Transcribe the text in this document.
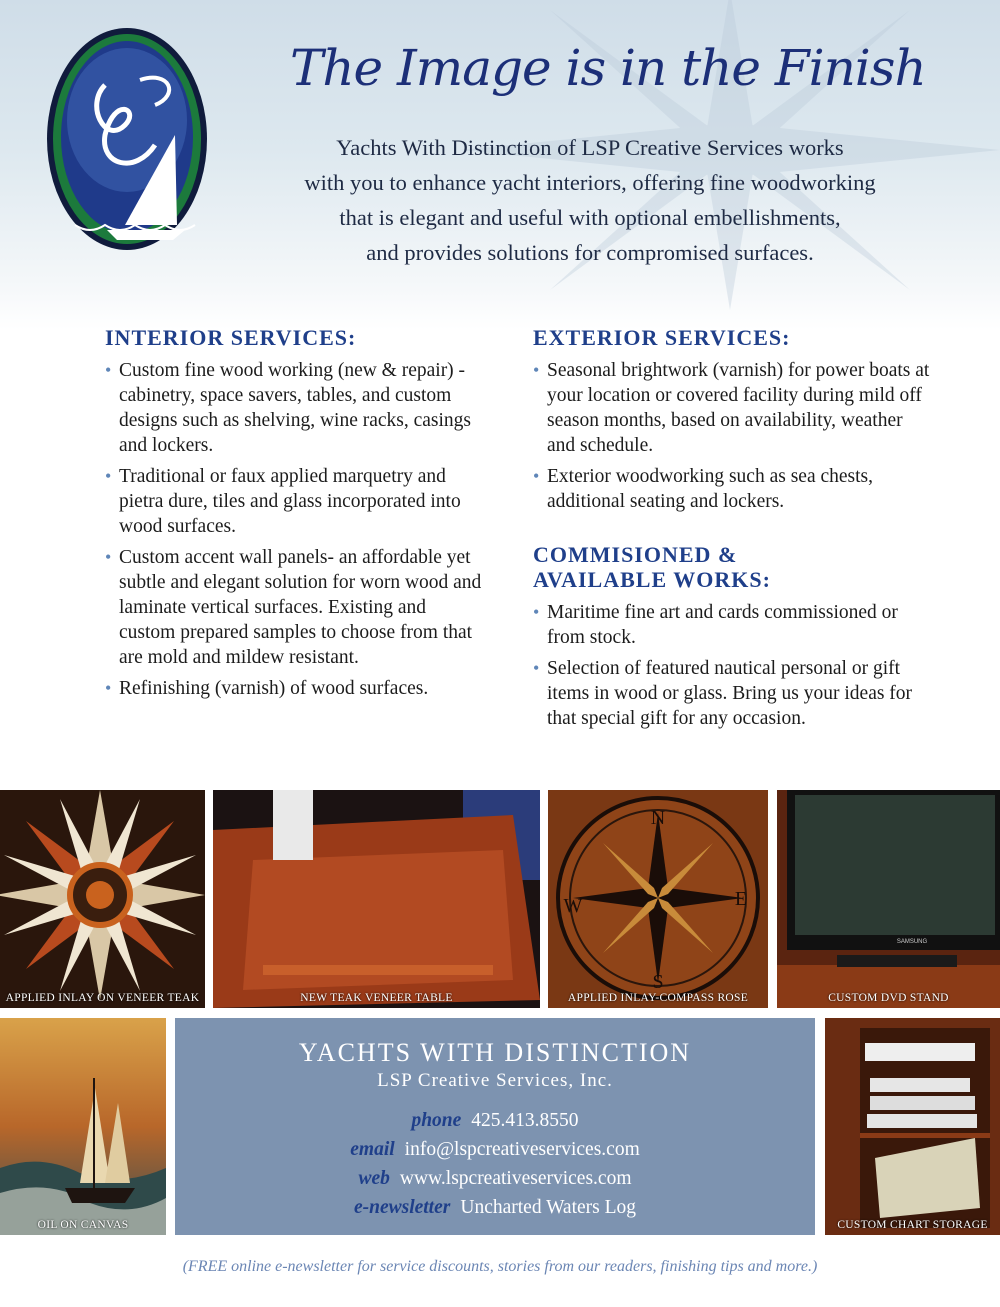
The Image is in the Finish
Yachts With Distinction of LSP Creative Services works
with you to enhance yacht interiors, offering fine woodworking
that is elegant and useful with optional embellishments,
and provides solutions for compromised surfaces.
INTERIOR SERVICES:
• Custom fine wood working (new & repair) - cabinetry, space savers, tables, and custom designs such as shelving, wine racks, casings and lockers.
• Traditional or faux applied marquetry and pietra dure, tiles and glass incorporated into wood surfaces.
• Custom accent wall panels- an affordable yet subtle and elegant solution for worn wood and laminate vertical surfaces. Existing and custom prepared samples to choose from that are mold and mildew resistant.
• Refinishing (varnish) of wood surfaces.
EXTERIOR SERVICES:
• Seasonal brightwork (varnish) for power boats at your location or covered facility during mild off season months, based on availability, weather and schedule.
• Exterior woodworking such as sea chests, additional seating and lockers.
COMMISIONED &
AVAILABLE WORKS:
• Maritime fine art and cards commissioned or from stock.
• Selection of featured nautical personal or gift items in wood or glass. Bring us your ideas for that special gift for any occasion.
APPLIED INLAY ON VENEER TEAK	NEW TEAK VENEER TABLE
N
E
S
W
APPLIED INLAY-COMPASS ROSE
SAMSUNG
CUSTOM DVD STAND
OIL ON CANVAS
YACHTS WITH DISTINCTION
LSP Creative Services, Inc.
phone 425.413.8550
email info@lspcreativeservices.com
web www.lspcreativeservices.com
e-newsletter Uncharted Waters Log
CUSTOM CHART STORAGE
(FREE online e-newsletter for service discounts, stories from our readers, finishing tips and more.)
